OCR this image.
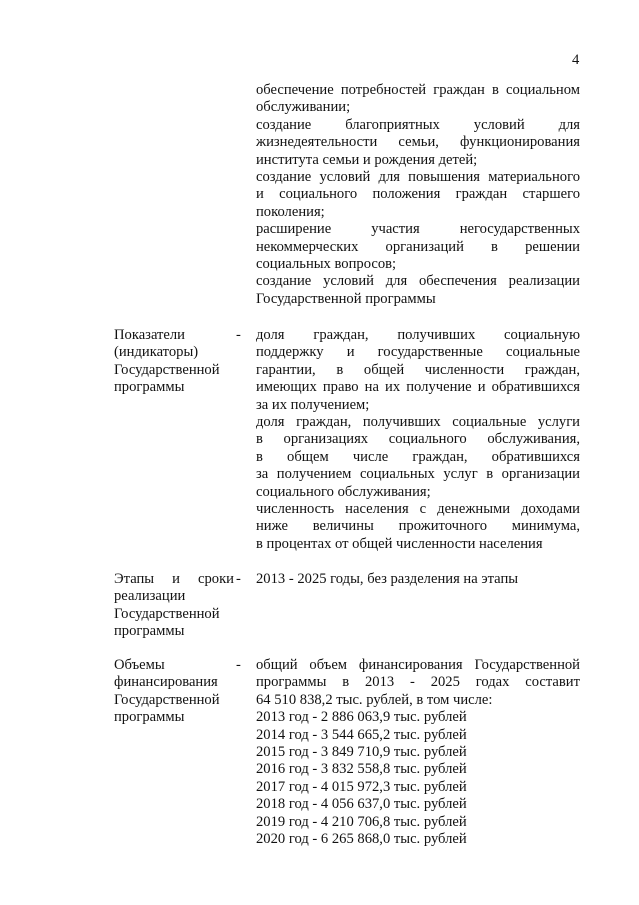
4
обеспечение потребностей граждан в социальном
обслуживании;
создание благоприятных условий для
жизнедеятельности семьи, функционирования
института семьи и рождения детей;
создание условий для повышения материального
и социального положения граждан старшего
поколения;
расширение участия негосударственных
некоммерческих организаций в решении
социальных вопросов;
создание условий для обеспечения реализации
Государственной программы
Показатели
(индикаторы)
Государственной
программы
- доля граждан, получивших социальную
поддержку и государственные социальные
гарантии, в общей численности граждан,
имеющих право на их получение и обратившихся
за их получением;
доля граждан, получивших социальные услуги
в организациях социального обслуживания,
в общем числе граждан, обратившихся
за получением социальных услуг в организации
социального обслуживания;
численность населения с денежными доходами
ниже величины прожиточного минимума,
в процентах от общей численности населения
Этапы и сроки
реализации
Государственной
программы
- 2013 - 2025 годы, без разделения на этапы
Объемы
финансирования
Государственной
программы
- общий объем финансирования Государственной
программы в 2013 - 2025 годах составит
64 510 838,2 тыс. рублей, в том числе:
2013 год - 2 886 063,9 тыс. рублей
2014 год - 3 544 665,2 тыс. рублей
2015 год - 3 849 710,9 тыс. рублей
2016 год - 3 832 558,8 тыс. рублей
2017 год - 4 015 972,3 тыс. рублей
2018 год - 4 056 637,0 тыс. рублей
2019 год - 4 210 706,8 тыс. рублей
2020 год - 6 265 868,0 тыс. рублей
